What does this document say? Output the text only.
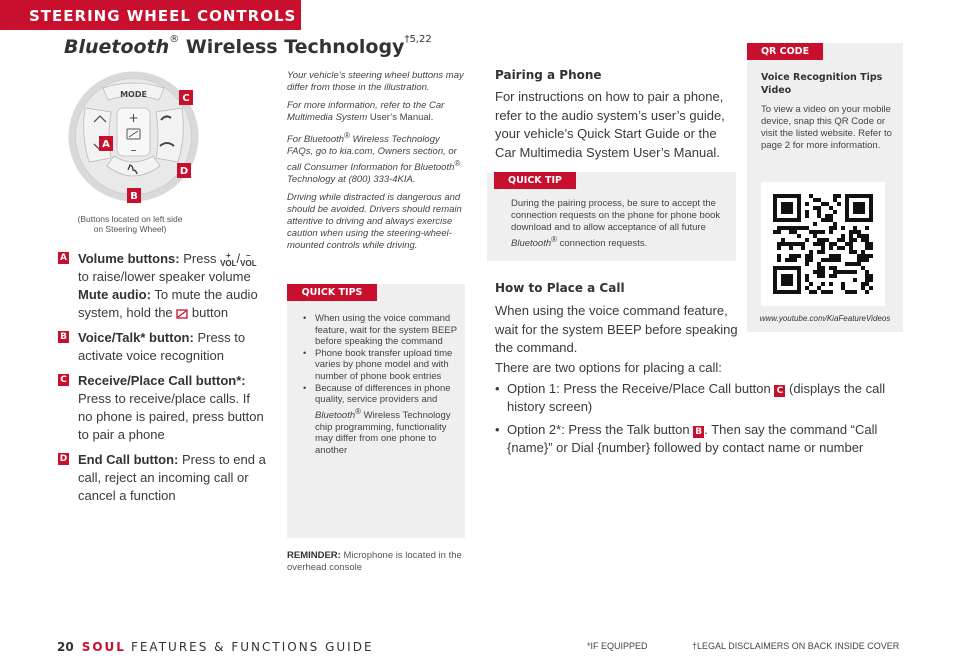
STEERING WHEEL CONTROLS
Bluetooth® Wireless Technology$^{\dagger 5,22}$
MODE
+
–
C
A
D
B
(Buttons located on left side
on Steering Wheel)
A Volume buttons: Press +
VOL/ –
VOL to raise/lower speaker volume
Mute audio: To mute the audio system, hold the button
B Voice/Talk* button: Press to activate voice recognition
C Receive/Place Call button*: Press to receive/place calls. If no phone is paired, press button to pair a phone
D End Call button: Press to end a call, reject an incoming call or cancel a function

Your vehicle’s steering wheel buttons may differ from those in the illustration.

For more information, refer to the Car Multimedia System User’s Manual.

For Bluetooth® Wireless Technology FAQs, go to kia.com, Owners section, or call Consumer Information for Bluetooth® Technology at (800) 333-4KIA.

Driving while distracted is dangerous and should be avoided. Drivers should remain attentive to driving and always exercise caution when using the steering-wheel-mounted controls while driving.

QUICK TIPS
• When using the voice command feature, wait for the system BEEP before speaking the command
• Phone book transfer upload time varies by phone model and with number of phone book entries
• Because of differences in phone quality, service providers and Bluetooth® Wireless Technology chip programming, functionality may differ from one phone to another
REMINDER: Microphone is located in the overhead console
Pairing a Phone
For instructions on how to pair a phone, refer to the audio system’s user’s guide, your vehicle’s Quick Start Guide or the Car Multimedia System User’s Manual.
QUICK TIP
During the pairing process, be sure to accept the connection requests on the phone for phone book download and to allow acceptance of all future Bluetooth® connection requests.
How to Place a Call
When using the voice command feature, wait for the system BEEP before speaking the command.
There are two options for placing a call:
• Option 1: Press the Receive/Place Call button C (displays the call history screen)
• Option 2*: Press the Talk button B . Then say the command “Call {name}” or Dial {number} followed by contact name or number
QR CODE
Voice Recognition Tips Video
To view a video on your mobile device, snap this QR Code or visit the listed website. Refer to page 2 for more information.
www.youtube.com/KiaFeatureVideos
20 SOUL FEATURES & FUNCTIONS GUIDE	*IF EQUIPPED	†LEGAL DISCLAIMERS ON BACK INSIDE COVER
